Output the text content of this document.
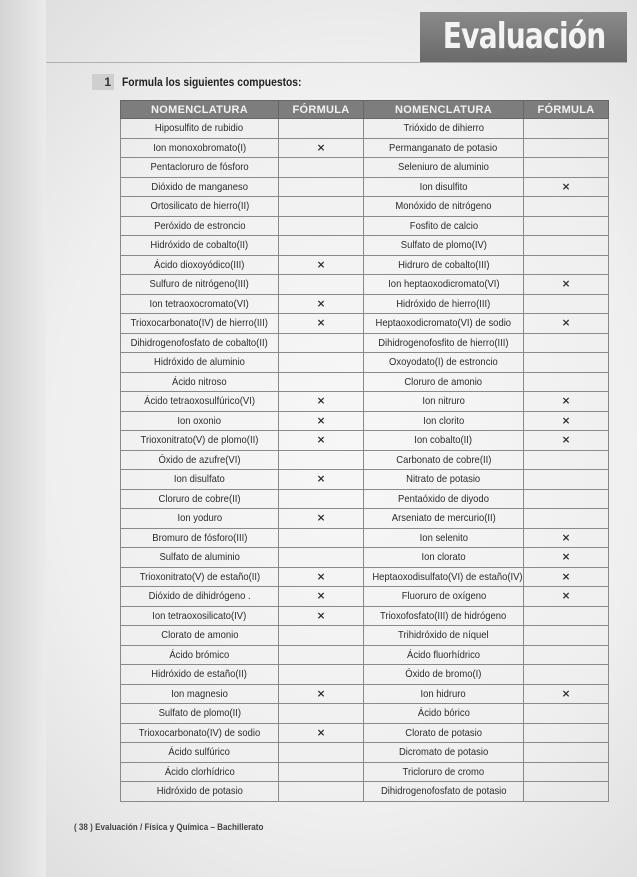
Evaluación
1 Formula los siguientes compuestos:
NOMENCLATURA	FÓRMULA	NOMENCLATURA	FÓRMULA
Hiposulfito de rubidio		Trióxido de dihierro	
Ion monoxobromato(I)	×	Permanganato de potasio	
Pentacloruro de fósforo		Seleniuro de aluminio	
Dióxido de manganeso		Ion disulfito	×
Ortosilicato de hierro(II)		Monóxido de nitrógeno	
Peróxido de estroncio		Fosfito de calcio	
Hidróxido de cobalto(II)		Sulfato de plomo(IV)	
Ácido dioxoyódico(III)	×	Hidruro de cobalto(III)	
Sulfuro de nitrógeno(III)		Ion heptaoxodicromato(VI)	×
Ion tetraoxocromato(VI)	×	Hidróxido de hierro(III)	
Trioxocarbonato(IV) de hierro(III)	×	Heptaoxodicromato(VI) de sodio	×
Dihidrogenofosfato de cobalto(II)		Dihidrogenofosfito de hierro(III)	
Hidróxido de aluminio		Oxoyodato(I) de estroncio	
Ácido nitroso		Cloruro de amonio	
Ácido tetraoxosulfúrico(VI)	×	Ion nitruro	×
Ion oxonio	×	Ion clorito	×
Trioxonitrato(V) de plomo(II)	×	Ion cobalto(II)	×
Óxido de azufre(VI)		Carbonato de cobre(II)	
Ion disulfato	×	Nitrato de potasio	
Cloruro de cobre(II)		Pentaóxido de diyodo	
Ion yoduro	×	Arseniato de mercurio(II)	
Bromuro de fósforo(III)		Ion selenito	×
Sulfato de aluminio		Ion clorato	×
Trioxonitrato(V) de estaño(II)	×	Heptaoxodisulfato(VI) de estaño(IV)	×
Dióxido de dihidrógeno .	×	Fluoruro de oxígeno	×
Ion tetraoxosilicato(IV)	×	Trioxofosfato(III) de hidrógeno	
Clorato de amonio		Trihidróxido de níquel	
Ácido brómico		Ácido fluorhídrico	
Hidróxido de estaño(II)		Óxido de bromo(I)	
Ion magnesio	×	Ion hidruro	×
Sulfato de plomo(II)		Ácido bórico	
Trioxocarbonato(IV) de sodio	×	Clorato de potasio	
Ácido sulfúrico		Dicromato de potasio	
Ácido clorhídrico		Tricloruro de cromo	
Hidróxido de potasio		Dihidrogenofosfato de potasio	
( 38 ) Evaluación / Física y Química – Bachillerato
